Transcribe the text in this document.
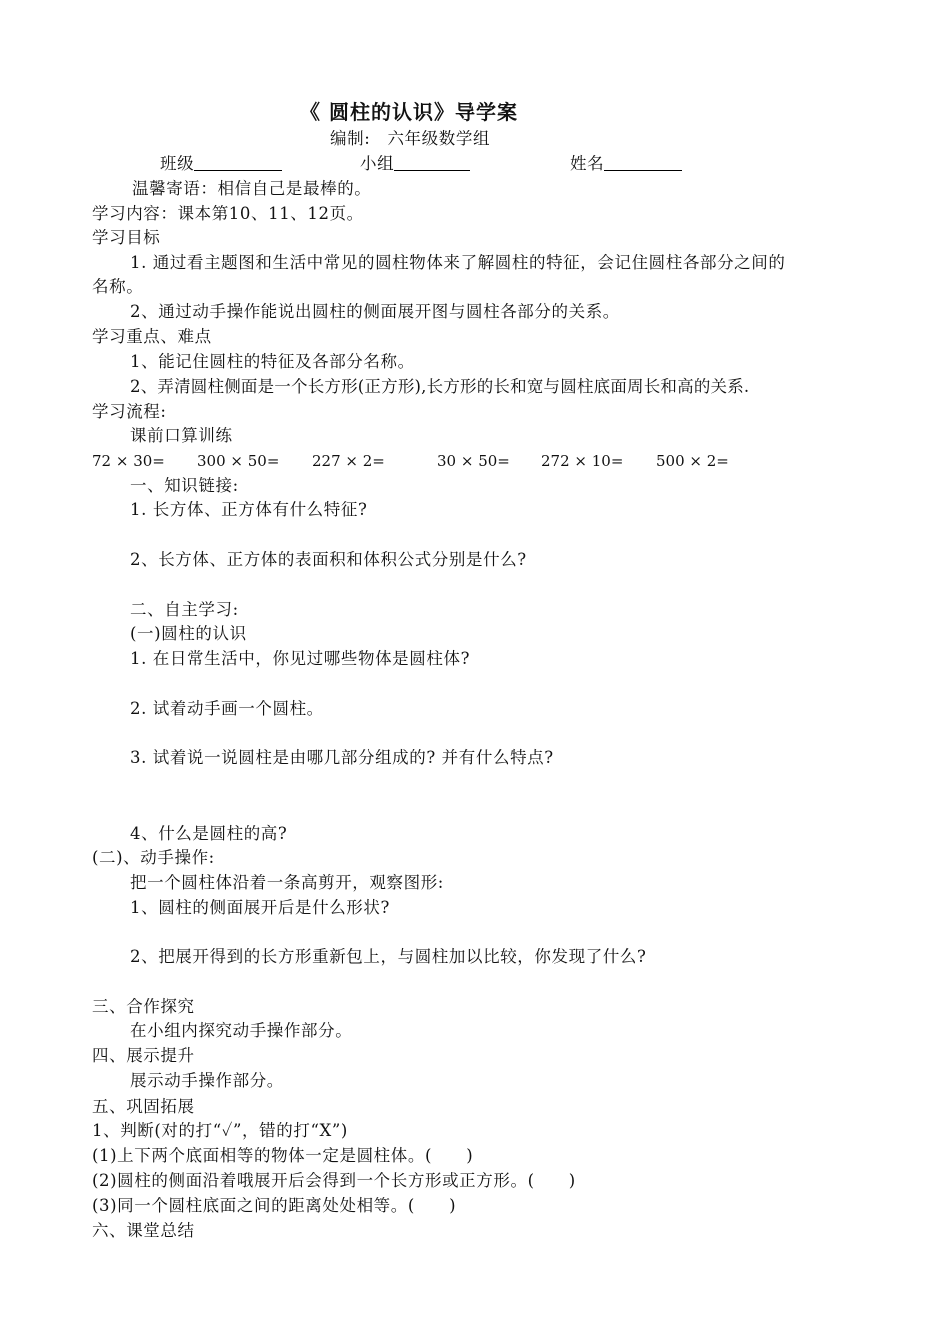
《 圆柱的认识》导学案
编制:　六年级数学组
班级	小组	姓名
温馨寄语：相信自己是最棒的。
学习内容：课本第10、11、12页。
学习目标
1. 通过看主题图和生活中常见的圆柱物体来了解圆柱的特征，会记住圆柱各部分之间的
名称。
2、通过动手操作能说出圆柱的侧面展开图与圆柱各部分的关系。
学习重点、难点
1、能记住圆柱的特征及各部分名称。
2、弄清圆柱侧面是一个长方形(正方形),长方形的长和宽与圆柱底面周长和高的关系.
学习流程:
课前口算训练
72 × 30= 300 × 50= 227 × 2=	30 × 50= 272 × 10= 500 × 2=
一、知识链接:
1. 长方体、正方体有什么特征?
2、长方体、正方体的表面积和体积公式分别是什么?
二、自主学习:
(一)圆柱的认识
1. 在日常生活中，你见过哪些物体是圆柱体?
2. 试着动手画一个圆柱。
3. 试着说一说圆柱是由哪几部分组成的? 并有什么特点?
4、什么是圆柱的高?
(二)、动手操作:
把一个圆柱体沿着一条高剪开，观察图形:
1、圆柱的侧面展开后是什么形状?
2、把展开得到的长方形重新包上，与圆柱加以比较，你发现了什么?
三、合作探究
在小组内探究动手操作部分。
四、展示提升
展示动手操作部分。
五、巩固拓展
1、判断(对的打“✓”，错的打“X”)
(1)上下两个底面相等的物体一定是圆柱体。(　　)
(2)圆柱的侧面沿着哦展开后会得到一个长方形或正方形。(　　)
(3)同一个圆柱底面之间的距离处处相等。(　　)
六、课堂总结
